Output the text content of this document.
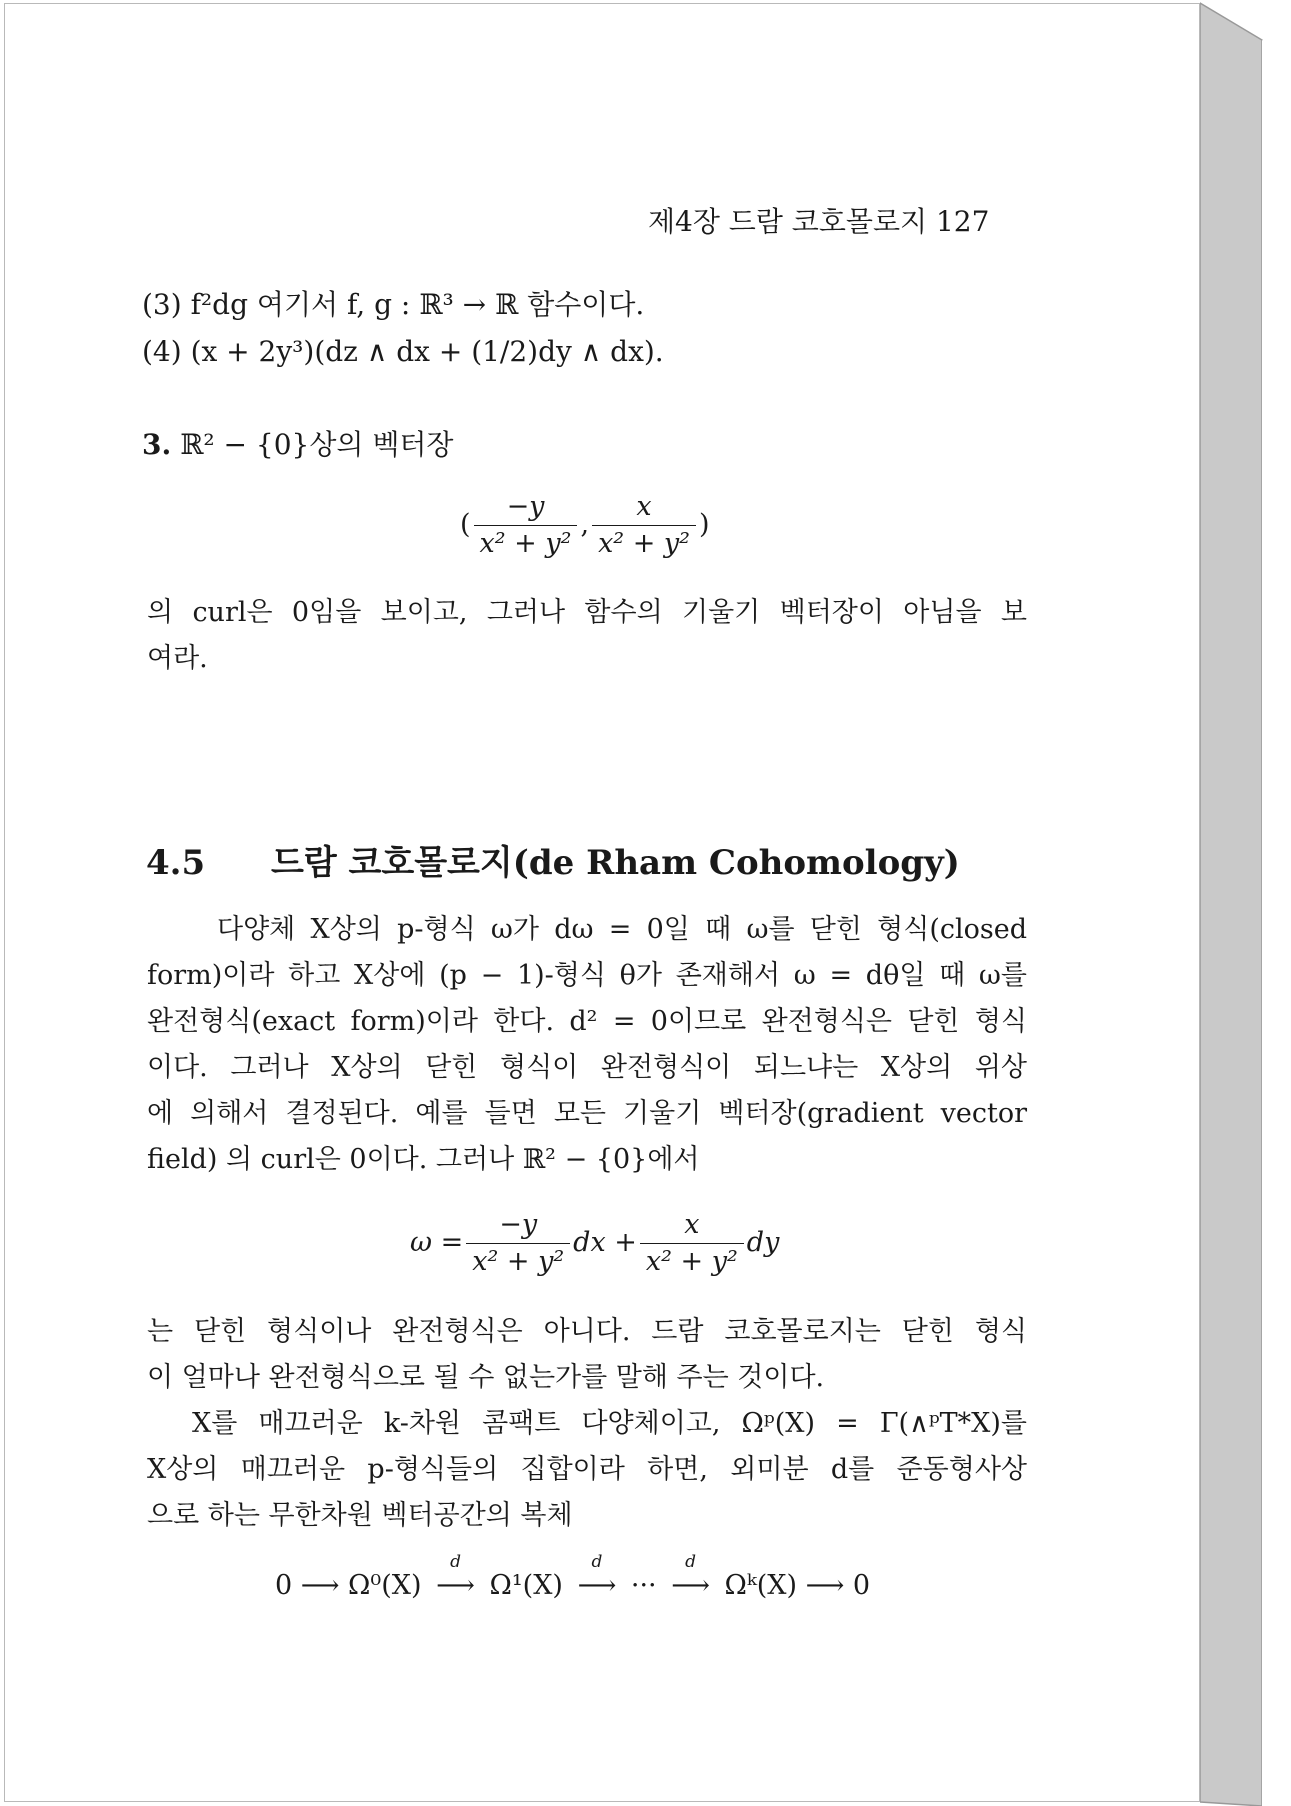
제4장 드람 코호몰로지 127
(3) f²dg 여기서 f, g : ℝ³ → ℝ 함수이다.
(4) (x + 2y³)(dz ∧ dx + (1/2)dy ∧ dx).
3. ℝ² − {0}상의 벡터장
( $\frac{-y}{\text{x² + y²}}$ , $\frac{x}{\text{x² + y²}}$ )

의 curl은 0임을 보이고, 그러나 함수의 기울기 벡터장이 아님을 보

여라.

4.5 드람 코호몰로지(de Rham Cohomology)

다양체 X상의 p-형식 ω가 dω = 0일 때 ω를 닫힌 형식(closed

form)이라 하고 X상에 (p − 1)-형식 θ가 존재해서 ω = dθ일 때 ω를

완전형식(exact form)이라 한다. d² = 0이므로 완전형식은 닫힌 형식

이다. 그러나 X상의 닫힌 형식이 완전형식이 되느냐는 X상의 위상

에 의해서 결정된다. 예를 들면 모든 기울기 벡터장(gradient vector

field) 의 curl은 0이다. 그러나 ℝ² − {0}에서

$\omega = \frac{-y}{\text{x² + y²}}$ dx + $\frac{x}{\text{x² + y²}}$ dy

는 닫힌 형식이나 완전형식은 아니다. 드람 코호몰로지는 닫힌 형식

이 얼마나 완전형식으로 될 수 없는가를 말해 주는 것이다.

X를 매끄러운 k-차원 콤팩트 다양체이고, Ωᵖ(X) = Γ(∧ᵖT*X)를

X상의 매끄러운 p-형식들의 집합이라 하면, 외미분 d를 준동형사상

으로 하는 무한차원 벡터공간의 복체

0 ⟶ Ω⁰(X)
d
⟶ Ω¹(X)
d
⟶ ···
d
⟶ Ωᵏ(X) ⟶ 0
